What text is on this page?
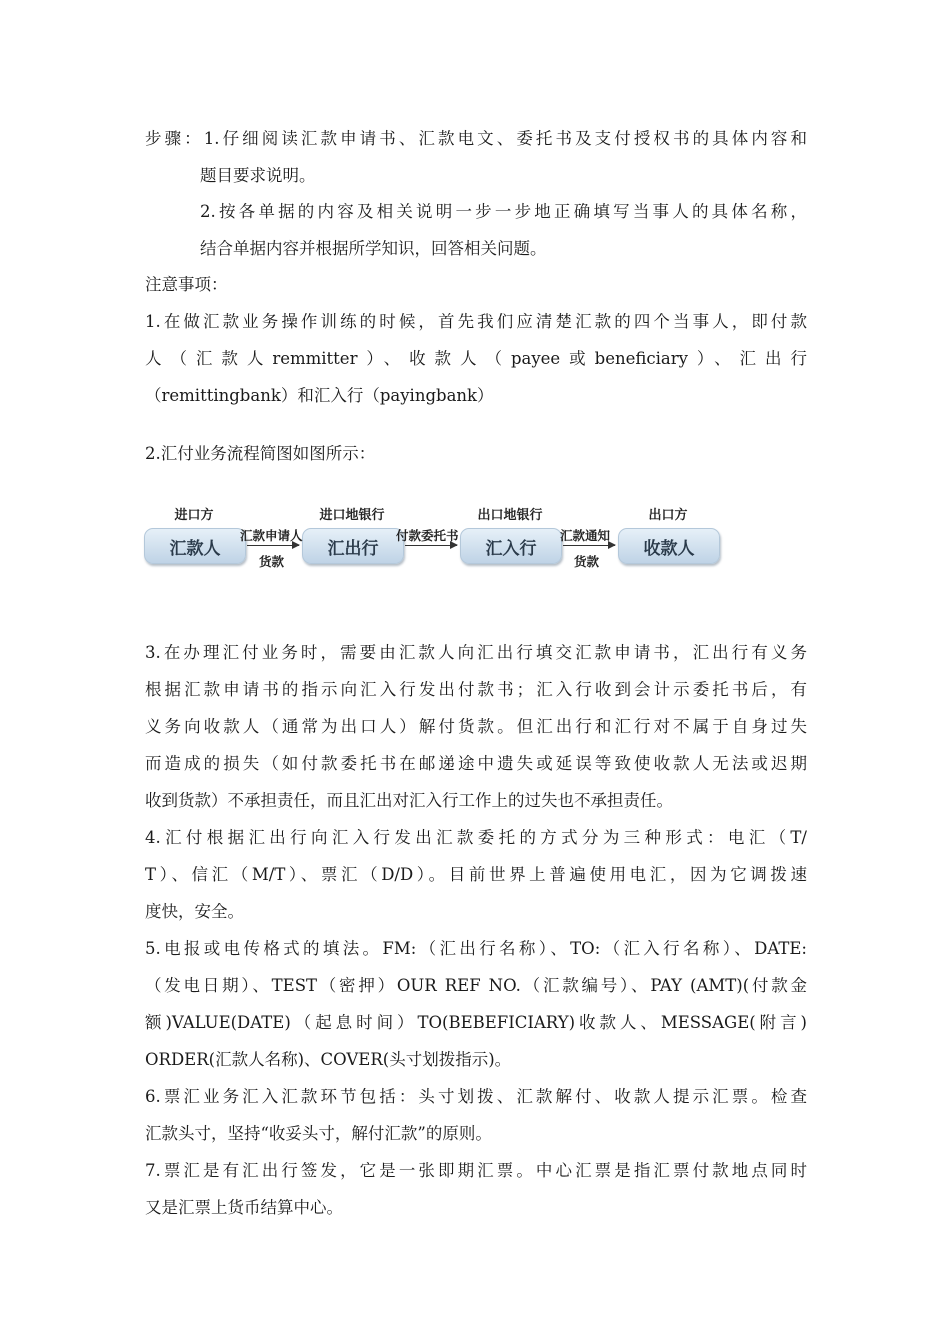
步骤：1.仔细阅读汇款申请书、汇款电文、委托书及支付授权书的具体内容和
题目要求说明。
2.按各单据的内容及相关说明一步一步地正确填写当事人的具体名称，
结合单据内容并根据所学知识，回答相关问题。
注意事项：
1.在做汇款业务操作训练的时候，首先我们应清楚汇款的四个当事人，即付款
人（汇款人remmitter）、收款人（payee或beneficiary）、汇出行
（remittingbank）和汇入行（payingbank）
2.汇付业务流程简图如图所示：
进口方	进口地银行	出口地银行	出口方
汇款人	汇出行	汇入行	收款人
汇款申请人
货款
付款委托书	汇款通知
货款
3.在办理汇付业务时，需要由汇款人向汇出行填交汇款申请书，汇出行有义务
根据汇款申请书的指示向汇入行发出付款书；汇入行收到会计示委托书后，有
义务向收款人（通常为出口人）解付货款。但汇出行和汇行对不属于自身过失
而造成的损失（如付款委托书在邮递途中遗失或延误等致使收款人无法或迟期
收到货款）不承担责任，而且汇出对汇入行工作上的过失也不承担责任。
4.汇付根据汇出行向汇入行发出汇款委托的方式分为三种形式：电汇（T/
T）、信汇（M/T）、票汇（D/D）。目前世界上普遍使用电汇，因为它调拨速
度快，安全。
5.电报或电传格式的填法。FM:（汇出行名称）、TO:（汇入行名称）、DATE:
（发电日期）、TEST（密押）OUR REF NO.（汇款编号）、PAY (AMT)(付款金
额)VALUE(DATE)（起息时间）TO(BEBEFICIARY)收款人、MESSAGE(附言)
ORDER(汇款人名称)、COVER(头寸划拨指示)。
6.票汇业务汇入汇款环节包括：头寸划拨、汇款解付、收款人提示汇票。检查
汇款头寸，坚持“收妥头寸，解付汇款”的原则。
7.票汇是有汇出行签发，它是一张即期汇票。中心汇票是指汇票付款地点同时
又是汇票上货币结算中心。
